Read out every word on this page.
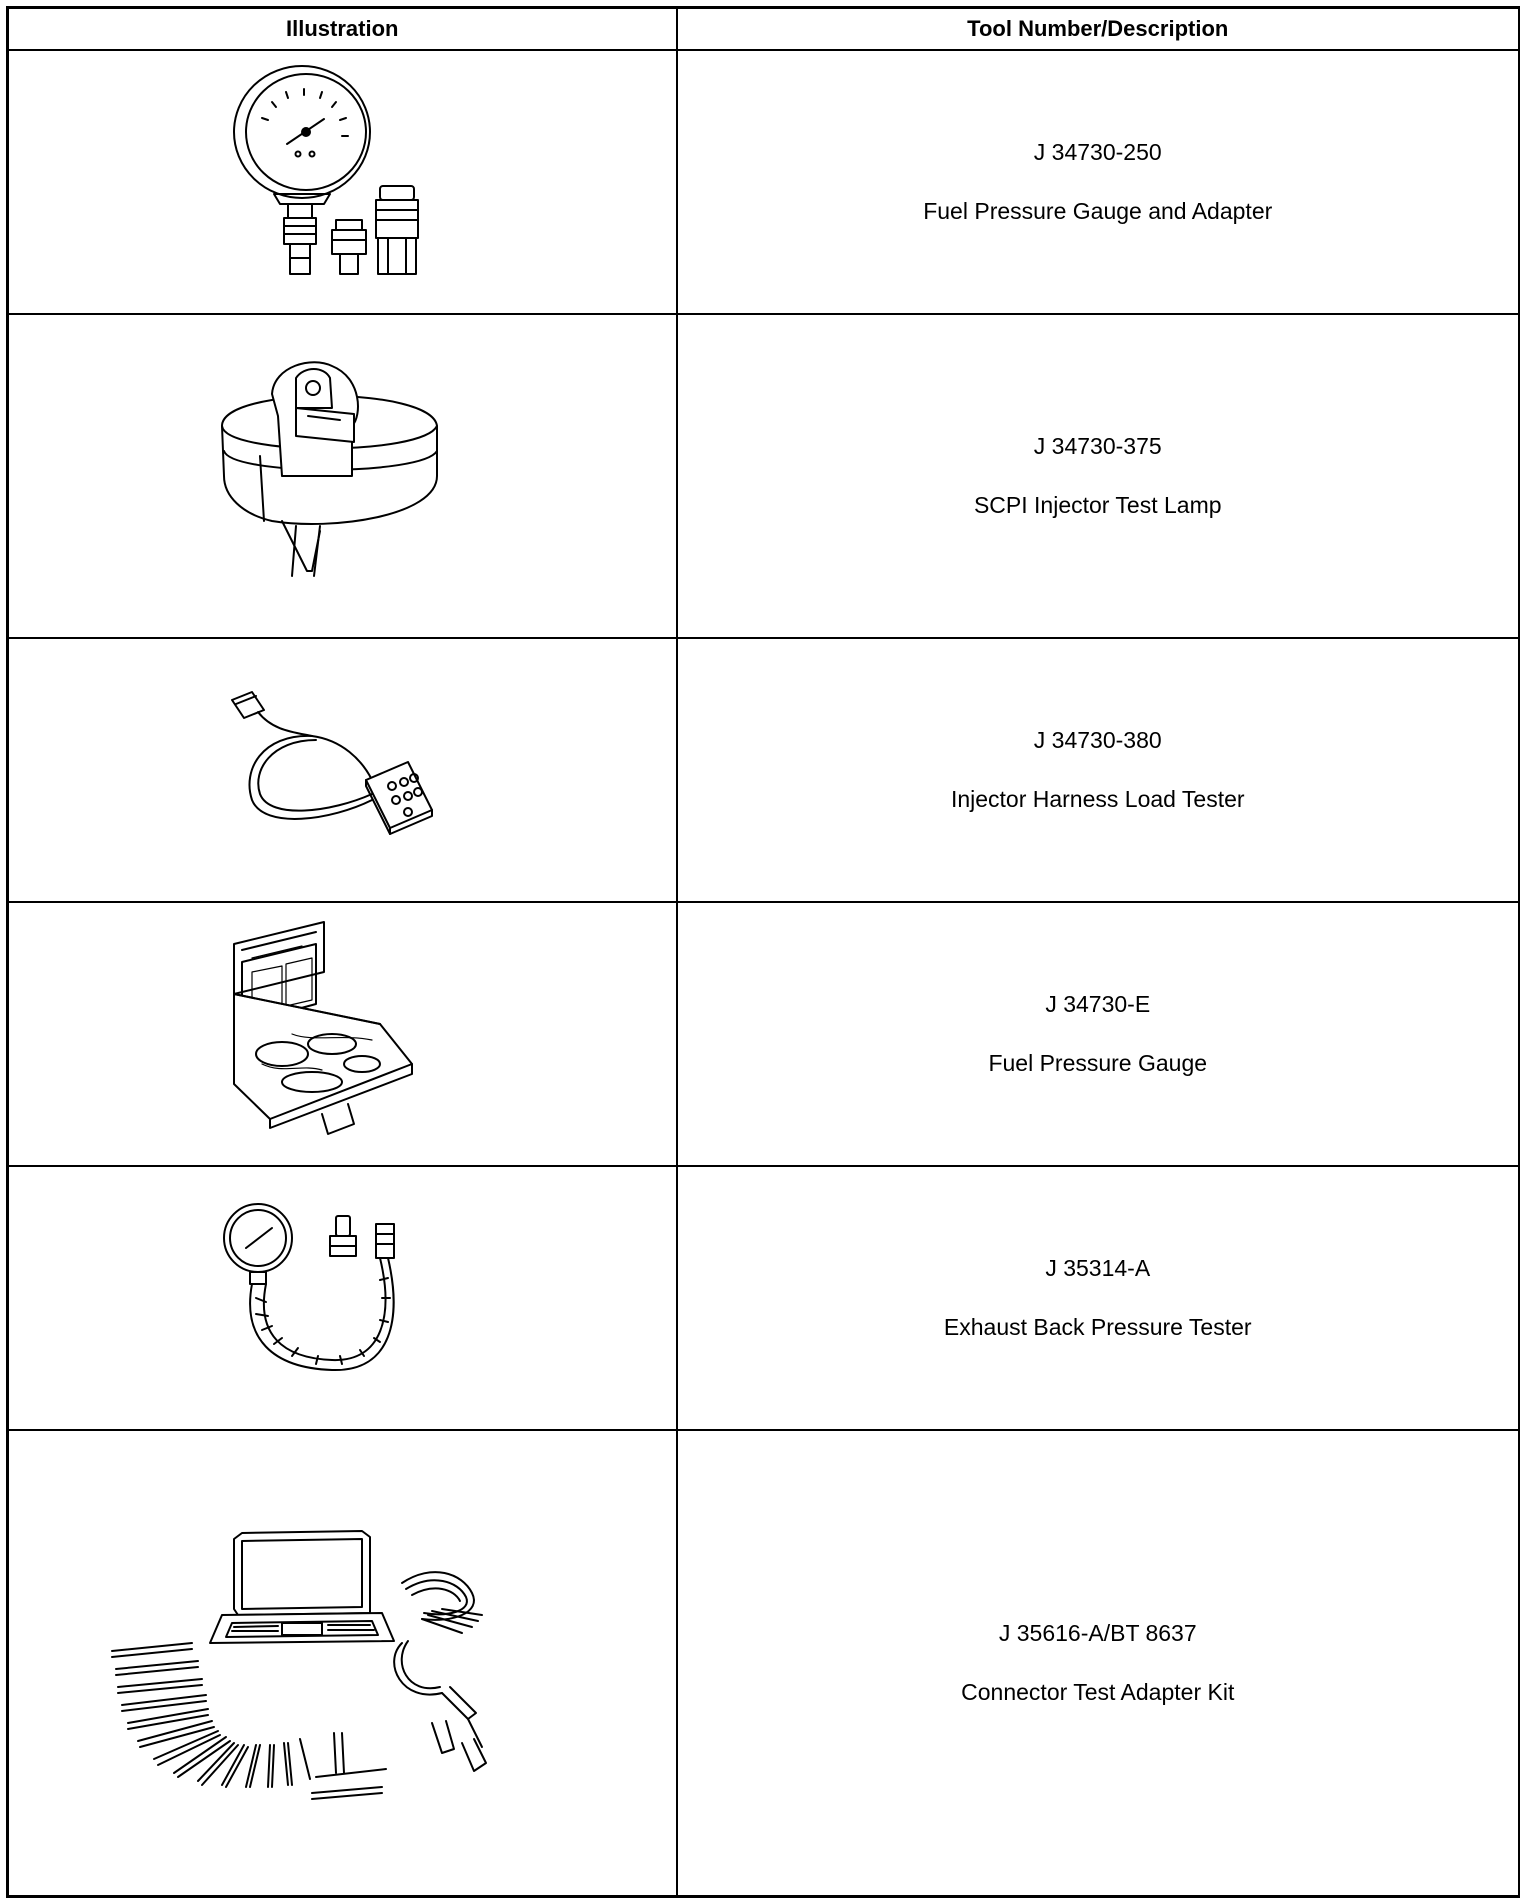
Illustration	Tool Number/Description

J 34730-250
Fuel Pressure Gauge and Adapter

J 34730-375
SCPI Injector Test Lamp

J 34730-380
Injector Harness Load Tester

J 34730-E
Fuel Pressure Gauge

J 35314-A
Exhaust Back Pressure Tester

J 35616-A/BT 8637
Connector Test Adapter Kit
